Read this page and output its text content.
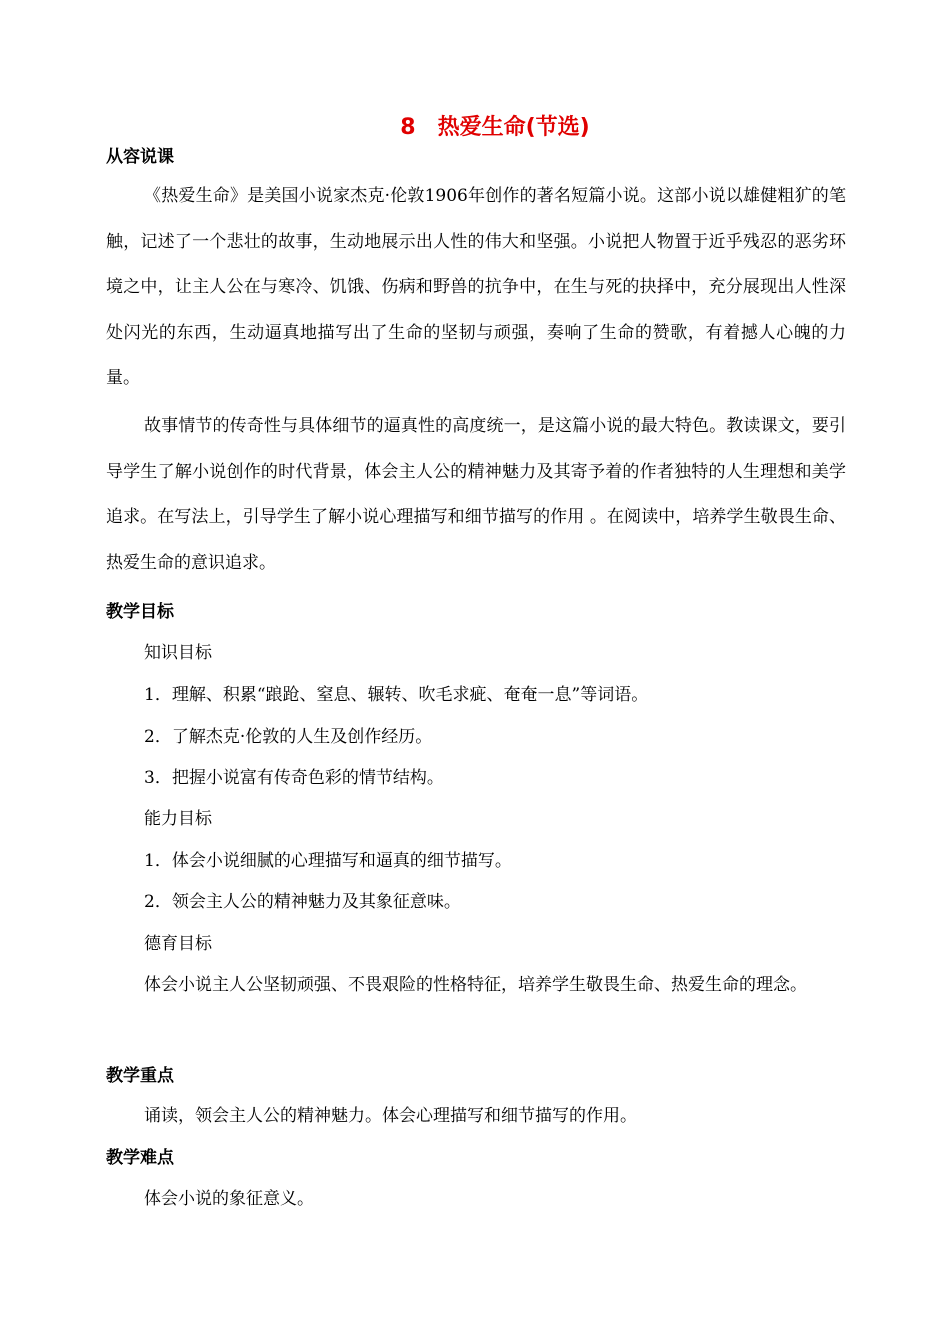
8 热爱生命(节选)
从容说课

《热爱生命》是美国小说家杰克·伦敦1906年创作的著名短篇小说。这部小说以雄健粗犷的笔触，记述了一个悲壮的故事，生动地展示出人性的伟大和坚强。小说把人物置于近乎残忍的恶劣环境之中，让主人公在与寒冷、饥饿、伤病和野兽的抗争中，在生与死的抉择中，充分展现出人性深处闪光的东西，生动逼真地描写出了生命的坚韧与顽强，奏响了生命的赞歌，有着撼人心魄的力量。

故事情节的传奇性与具体细节的逼真性的高度统一，是这篇小说的最大特色。教读课文，要引导学生了解小说创作的时代背景，体会主人公的精神魅力及其寄予着的作者独特的人生理想和美学追求。在写法上，引导学生了解小说心理描写和细节描写的作用 。在阅读中，培养学生敬畏生命、热爱生命的意识追求。

教学目标
知识目标
1．理解、积累“踉跄、窒息、辗转、吹毛求疵、奄奄一息”等词语。
2．了解杰克·伦敦的人生及创作经历。
3．把握小说富有传奇色彩的情节结构。
能力目标
1．体会小说细腻的心理描写和逼真的细节描写。
2．领会主人公的精神魅力及其象征意味。
德育目标

体会小说主人公坚韧顽强、不畏艰险的性格特征，培养学生敬畏生命、热爱生命的理念。

教学重点
诵读，领会主人公的精神魅力。体会心理描写和细节描写的作用。
教学难点
体会小说的象征意义。
